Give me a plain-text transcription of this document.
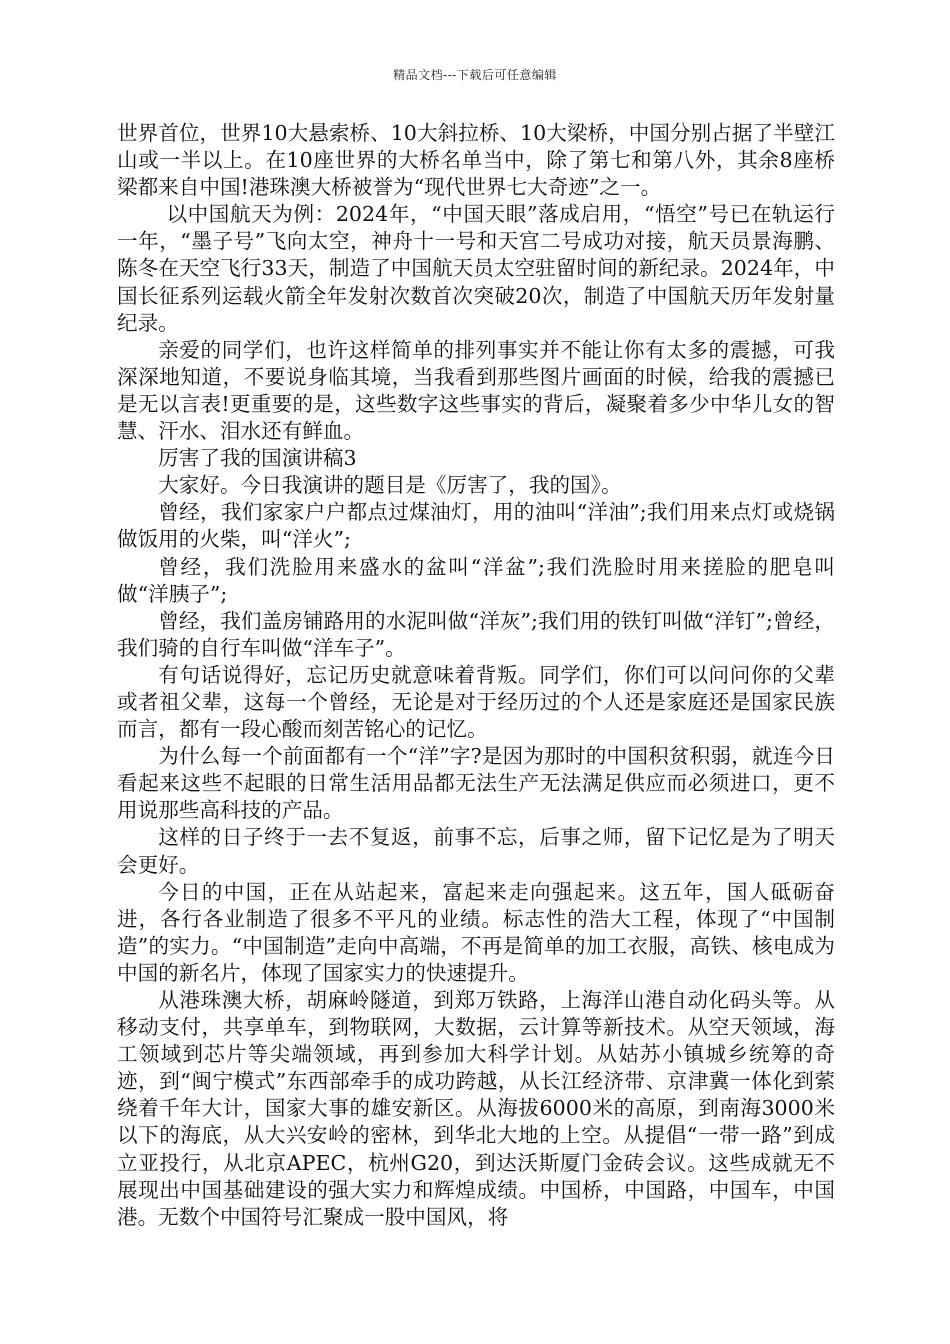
精品文档---下载后可任意编辑

世界首位，世界10大悬索桥、10大斜拉桥、10大梁桥，中国分别占据了半壁江山或一半以上。在10座世界的大桥名单当中，除了第七和第八外，其余8座桥梁都来自中国!港珠澳大桥被誉为“现代世界七大奇迹”之一。

以中国航天为例：2024年，“中国天眼”落成启用，“悟空”号已在轨运行一年，“墨子号”飞向太空，神舟十一号和天宫二号成功对接，航天员景海鹏、陈冬在天空飞行33天，制造了中国航天员太空驻留时间的新纪录。2024年，中国长征系列运载火箭全年发射次数首次突破20次，制造了中国航天历年发射量纪录。

亲爱的同学们，也许这样简单的排列事实并不能让你有太多的震撼，可我深深地知道，不要说身临其境，当我看到那些图片画面的时候，给我的震撼已是无以言表!更重要的是，这些数字这些事实的背后，凝聚着多少中华儿女的智慧、汗水、泪水还有鲜血。

厉害了我的国演讲稿3

大家好。今日我演讲的题目是《厉害了，我的国》。

曾经，我们家家户户都点过煤油灯，用的油叫“洋油”;我们用来点灯或烧锅做饭用的火柴，叫“洋火”;

曾经，我们洗脸用来盛水的盆叫“洋盆”;我们洗脸时用来搓脸的肥皂叫做“洋胰子”;

曾经，我们盖房铺路用的水泥叫做“洋灰”;我们用的铁钉叫做“洋钉”;曾经，我们骑的自行车叫做“洋车子”。

有句话说得好，忘记历史就意味着背叛。同学们，你们可以问问你的父辈或者祖父辈，这每一个曾经，无论是对于经历过的个人还是家庭还是国家民族而言，都有一段心酸而刻苦铭心的记忆。

为什么每一个前面都有一个“洋”字?是因为那时的中国积贫积弱，就连今日看起来这些不起眼的日常生活用品都无法生产无法满足供应而必须进口，更不用说那些高科技的产品。

这样的日子终于一去不复返，前事不忘，后事之师，留下记忆是为了明天会更好。

今日的中国，正在从站起来，富起来走向强起来。这五年，国人砥砺奋进，各行各业制造了很多不平凡的业绩。标志性的浩大工程，体现了“中国制造”的实力。“中国制造”走向中高端，不再是简单的加工衣服，高铁、核电成为中国的新名片，体现了国家实力的快速提升。

从港珠澳大桥，胡麻岭隧道，到郑万铁路，上海洋山港自动化码头等。从移动支付，共享单车，到物联网，大数据，云计算等新技术。从空天领域，海工领域到芯片等尖端领域，再到参加大科学计划。从姑苏小镇城乡统筹的奇迹，到“闽宁模式”东西部牵手的成功跨越，从长江经济带、京津冀一体化到萦绕着千年大计，国家大事的雄安新区。从海拔6000米的高原，到南海3000米以下的海底，从大兴安岭的密林，到华北大地的上空。从提倡“一带一路”到成立亚投行，从北京APEC，杭州G20，到达沃斯厦门金砖会议。这些成就无不展现出中国基础建设的强大实力和辉煌成绩。中国桥，中国路，中国车，中国港。无数个中国符号汇聚成一股中国风，将
